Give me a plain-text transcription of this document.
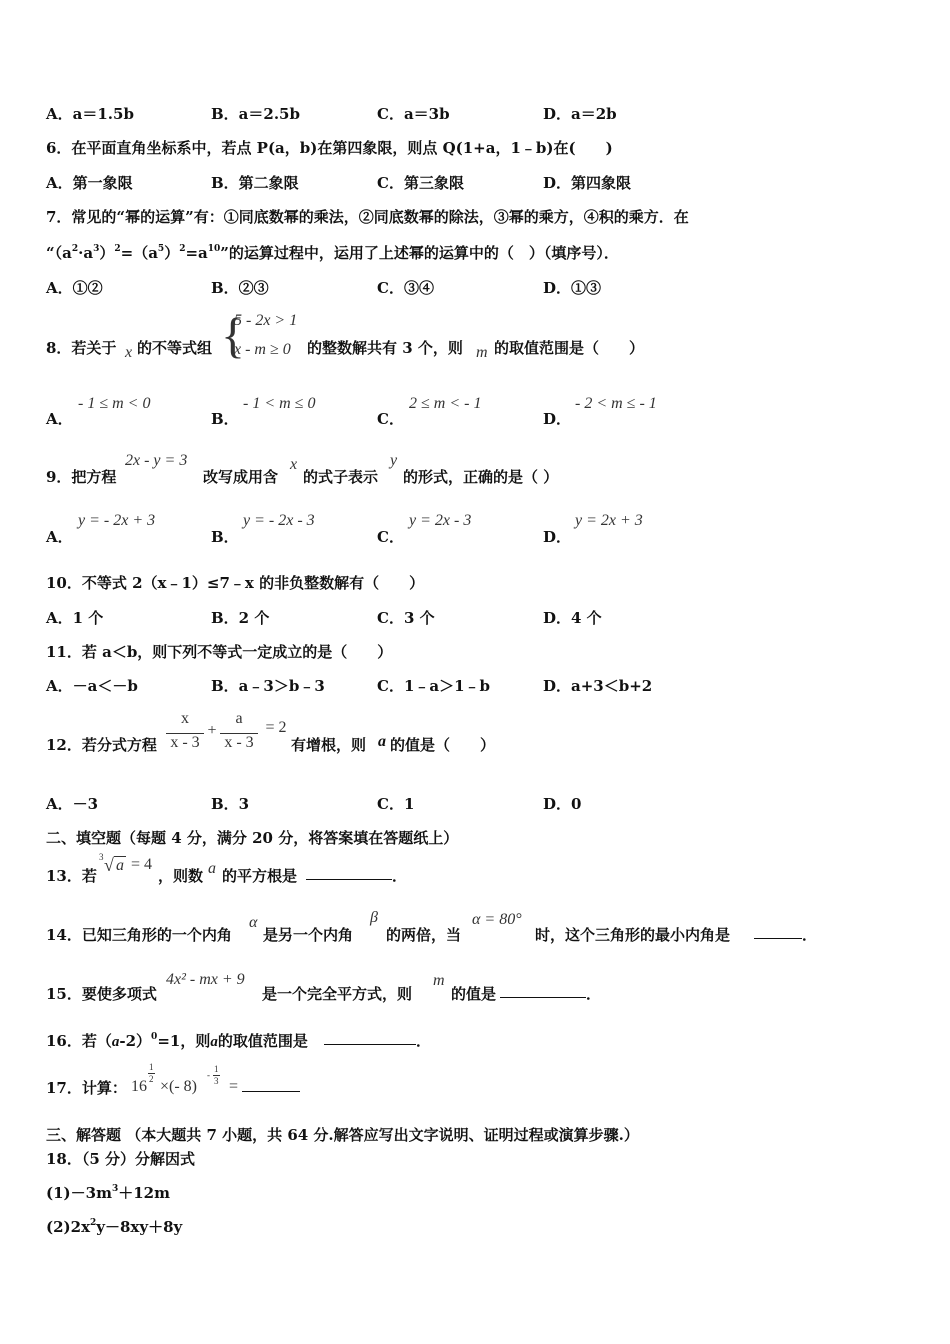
A．a＝1.5b	B．a＝2.5b	C．a＝3b	D．a＝2b
6．在平面直角坐标系中，若点 P(a，b)在第四象限，则点 Q(1+a，1﹣b)在(　　)
A．第一象限	B．第二象限	C．第三象限	D．第四象限
7．常见的“幂的运算”有：①同底数幂的乘法，②同底数幂的除法，③幂的乘方，④积的乘方．在
“$(a^2\cdot a^3)^2=(a^5)^2=a^{10}$”的运算过程中，运用了上述幂的运算中的（　）（填序号）．
A．①②	B．②③	C．③④	D．①③
8．若关于 x 的不等式组 {
5 - 2x > 1
x - m ≥ 0 的整数解共有 3 个，则 m 的取值范围是（　　）
A．
- 1 ≤ m < 0
B．
- 1 < m ≤ 0
C．
2 ≤ m < - 1
D．
- 2 < m ≤ - 1
9．把方程
2x - y = 3
改写成用含
x
的式子表示
y
的形式，正确的是（ ）
A．
y = - 2x + 3
B．
y = - 2x - 3
C．
y = 2x - 3
D．
y = 2x + 3
10．不等式 2（x﹣1）≤7﹣x 的非负整数解有（　　）
A．1 个	B．2 个	C．3 个	D．4 个
11．若 a＜b，则下列不等式一定成立的是（　　）
A．－a＜－b	B．a﹣3＞b﹣3	C．1﹣a＞1﹣b	D．a+3＜b+2
12．若分式方程
x
x - 3
+
a
x - 3
= 2
有增根，则 a 的值是（　　）
A．－3	B．3	C．1	D．0
二、填空题（每题 4 分，满分 20 分，将答案填在答题纸上）
13．若
3 √ a = 4
，则数 a 的平方根是	．
14．已知三角形的一个内角
α
是另一个内角
β
的两倍，当
α = 80°
时，这个三角形的最小内角是	．
15．要使多项式
4x² - mx + 9
是一个完全平方式，则
m
的值是	．
16．若$(a-2)^0=1$，则a的取值范围是	．
17．计算： 16
1
2 ×(- 8)
-
1
3 =
三、解答题 （本大题共 7 小题，共 64 分.解答应写出文字说明、证明过程或演算步骤.）
18．（5 分）分解因式
$(1)-3m^3+12m$
$(2)2x^2y-8xy+8y$
